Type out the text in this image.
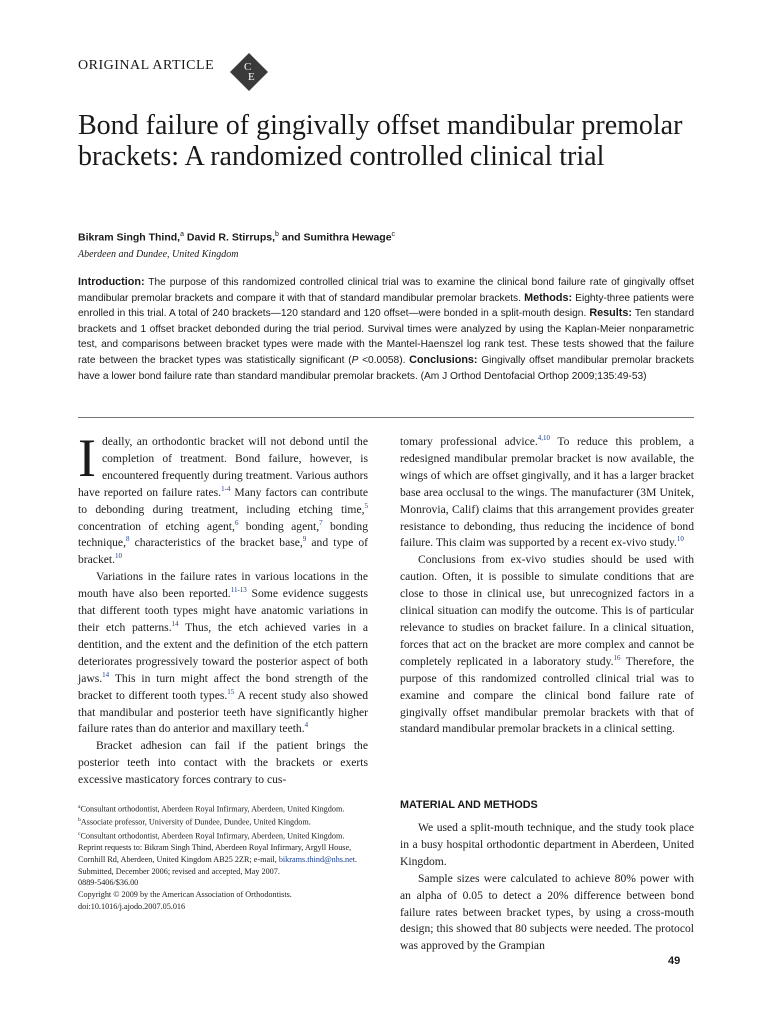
ORIGINAL ARTICLE	C
E
Bond failure of gingivally offset mandibular premolar brackets: A randomized controlled clinical trial
Bikram Singh Thind,$^a$ David R. Stirrups,$^b$ and Sumithra Hewage$^c$
Aberdeen and Dundee, United Kingdom
Introduction: The purpose of this randomized controlled clinical trial was to examine the clinical bond failure rate of gingivally offset mandibular premolar brackets and compare it with that of standard mandibular premolar brackets. Methods: Eighty-three patients were enrolled in this trial. A total of 240 brackets—120 standard and 120 offset—were bonded in a split-mouth design. Results: Ten standard brackets and 1 offset bracket debonded during the trial period. Survival times were analyzed by using the Kaplan-Meier nonparametric test, and comparisons between bracket types were made with the Mantel-Haenszel log rank test. These tests showed that the failure rate between the bracket types was statistically significant (P <0.0058). Conclusions: Gingivally offset mandibular premolar brackets have a lower bond failure rate than standard mandibular premolar brackets. (Am J Orthod Dentofacial Orthop 2009;135:49-53)

Ideally, an orthodontic bracket will not debond until the completion of treatment. Bond failure, however, is encountered frequently during treatment. Various authors have reported on failure rates.$^{1-4}$ Many factors can contribute to debonding during treatment, including etching time,$^5$ concentration of etching agent,$^6$ bonding agent,$^7$ bonding technique,$^8$ characteristics of the bracket base,$^9$ and type of bracket.$^{10}$

Variations in the failure rates in various locations in the mouth have also been reported.$^{11-13}$ Some evidence suggests that different tooth types might have anatomic variations in their etch patterns.$^{14}$ Thus, the etch achieved varies in a dentition, and the extent and the definition of the etch pattern deteriorates progressively toward the posterior aspect of both jaws.$^{14}$ This in turn might affect the bond strength of the bracket to different tooth types.$^{15}$ A recent study also showed that mandibular and posterior teeth have significantly higher failure rates than do anterior and maxillary teeth.$^4$

Bracket adhesion can fail if the patient brings the posterior teeth into contact with the brackets or exerts excessive masticatory forces contrary to cus-

$^a$Consultant orthodontist, Aberdeen Royal Infirmary, Aberdeen, United Kingdom.

$^b$Associate professor, University of Dundee, Dundee, United Kingdom.

$^c$Consultant orthodontist, Aberdeen Royal Infirmary, Aberdeen, United Kingdom.

Reprint requests to: Bikram Singh Thind, Aberdeen Royal Infirmary, Argyll House, Cornhill Rd, Aberdeen, United Kingdom AB25 2ZR; e-mail, bikrams.thind@nhs.net.

Submitted, December 2006; revised and accepted, May 2007.

0889-5406/$36.00

Copyright © 2009 by the American Association of Orthodontists.

doi:10.1016/j.ajodo.2007.05.016

tomary professional advice.$^{4,10}$ To reduce this problem, a redesigned mandibular premolar bracket is now available, the wings of which are offset gingivally, and it has a larger bracket base area occlusal to the wings. The manufacturer (3M Unitek, Monrovia, Calif) claims that this arrangement provides greater resistance to debonding, thus reducing the incidence of bond failure. This claim was supported by a recent ex-vivo study.$^{10}$

Conclusions from ex-vivo studies should be used with caution. Often, it is possible to simulate conditions that are close to those in clinical use, but unrecognized factors in a clinical situation can modify the outcome. This is of particular relevance to studies on bracket failure. In a clinical situation, forces that act on the bracket are more complex and cannot be completely replicated in a laboratory study.$^{16}$ Therefore, the purpose of this randomized controlled clinical trial was to examine and compare the clinical bond failure rate of gingivally offset mandibular premolar brackets with that of standard mandibular premolar brackets in a clinical setting.

MATERIAL AND METHODS

We used a split-mouth technique, and the study took place in a busy hospital orthodontic department in Aberdeen, United Kingdom.

Sample sizes were calculated to achieve 80% power with an alpha of 0.05 to detect a 20% difference between bond failure rates between bracket types, by using a cross-mouth design; this showed that 80 subjects were needed. The protocol was approved by the Grampian

49
